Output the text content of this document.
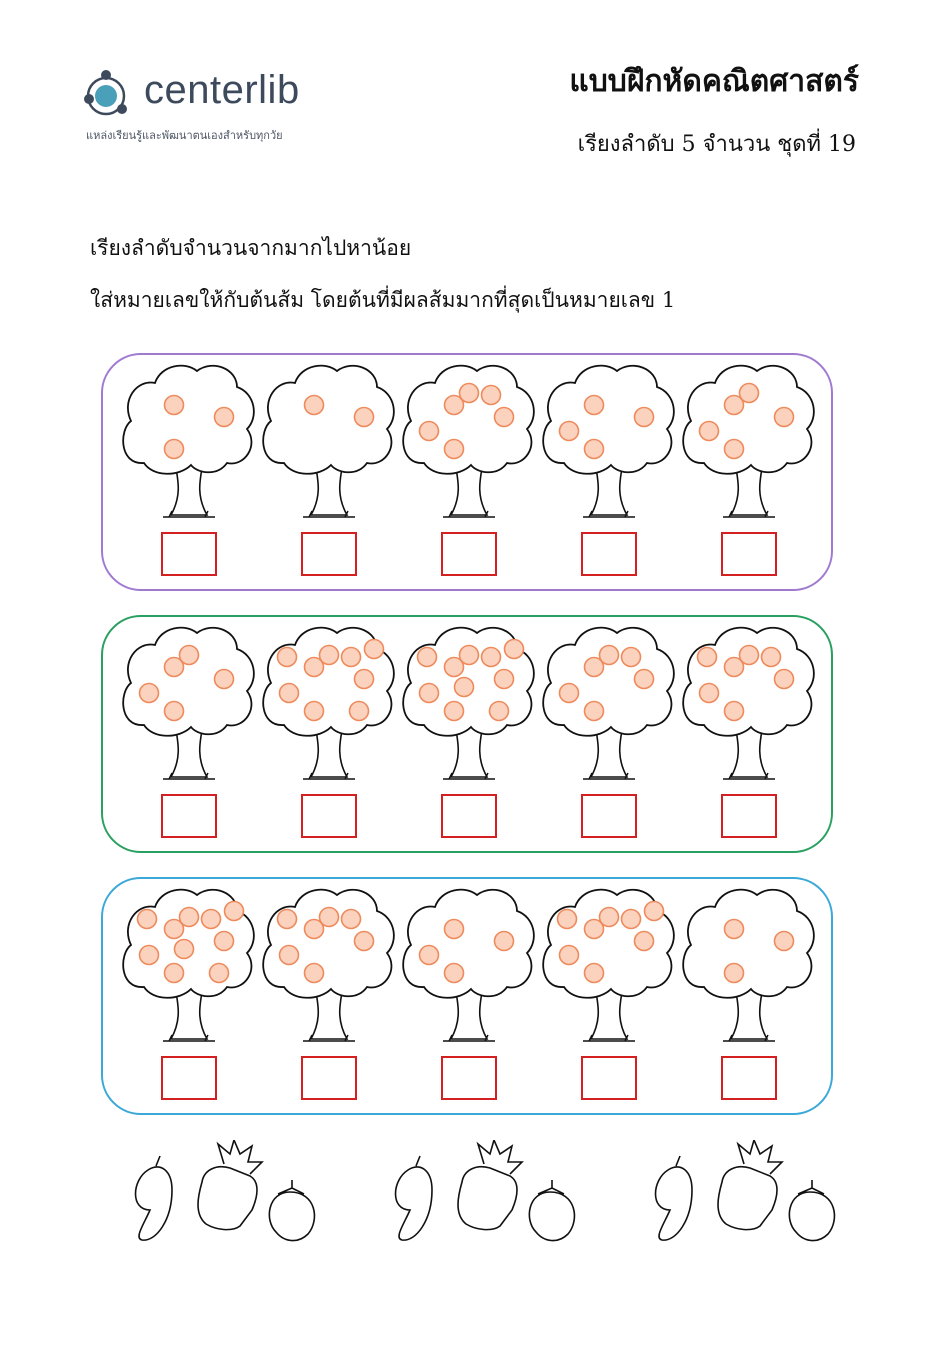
centerlib
แหล่งเรียนรู้และพัฒนาตนเองสำหรับทุกวัย
แบบฝึกหัดคณิตศาสตร์
เรียงลำดับ 5 จำนวน ชุดที่ 19
เรียงลำดับจำนวนจากมากไปหาน้อย
ใส่หมายเลขให้กับต้นส้ม โดยต้นที่มีผลส้มมากที่สุดเป็นหมายเลข 1
